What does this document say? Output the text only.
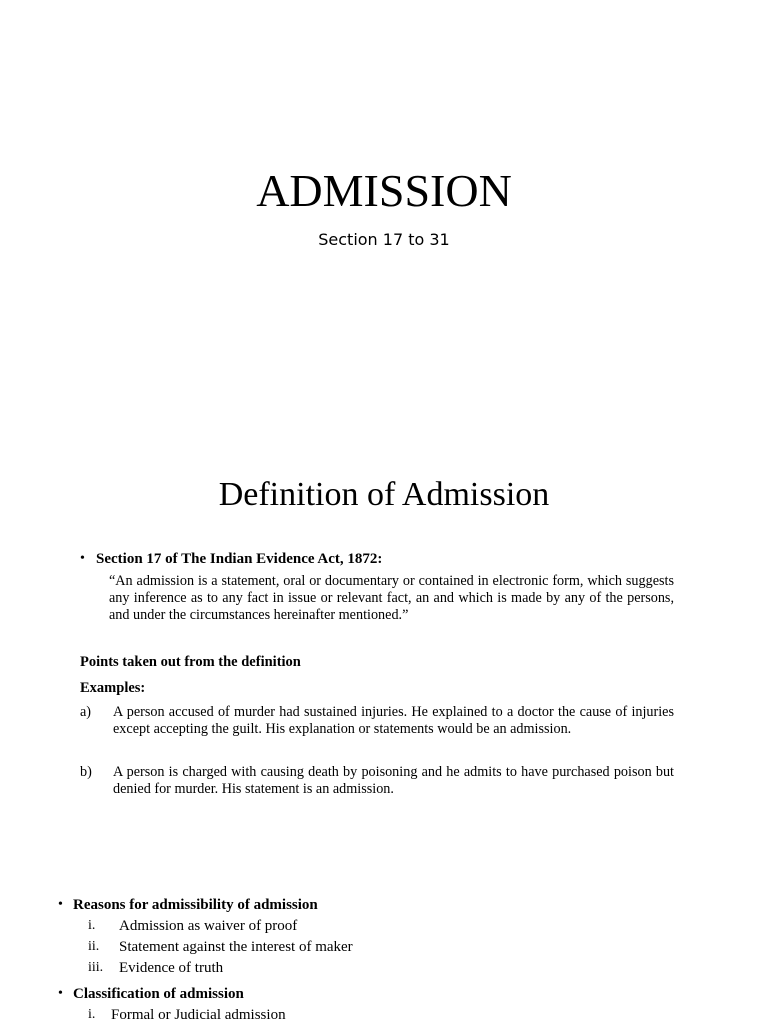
ADMISSION
Section 17 to 31
Definition of Admission
• Section 17 of The Indian Evidence Act, 1872:
“An admission is a statement, oral or documentary or contained in electronic form, which suggests any inference as to any fact in issue or relevant fact, an and which is made by any of the persons, and under the circumstances hereinafter mentioned.”
Points taken out from the definition
Examples:
a) A person accused of murder had sustained injuries. He explained to a doctor the cause of injuries except accepting the guilt. His explanation or statements would be an admission.
b) A person is charged with causing death by poisoning and he admits to have purchased poison but denied for murder. His statement is an admission.
• Reasons for admissibility of admission
i.	Admission as waiver of proof
ii.	Statement against the interest of maker
iii.	Evidence of truth
• Classification of admission
i.	Formal or Judicial admission
